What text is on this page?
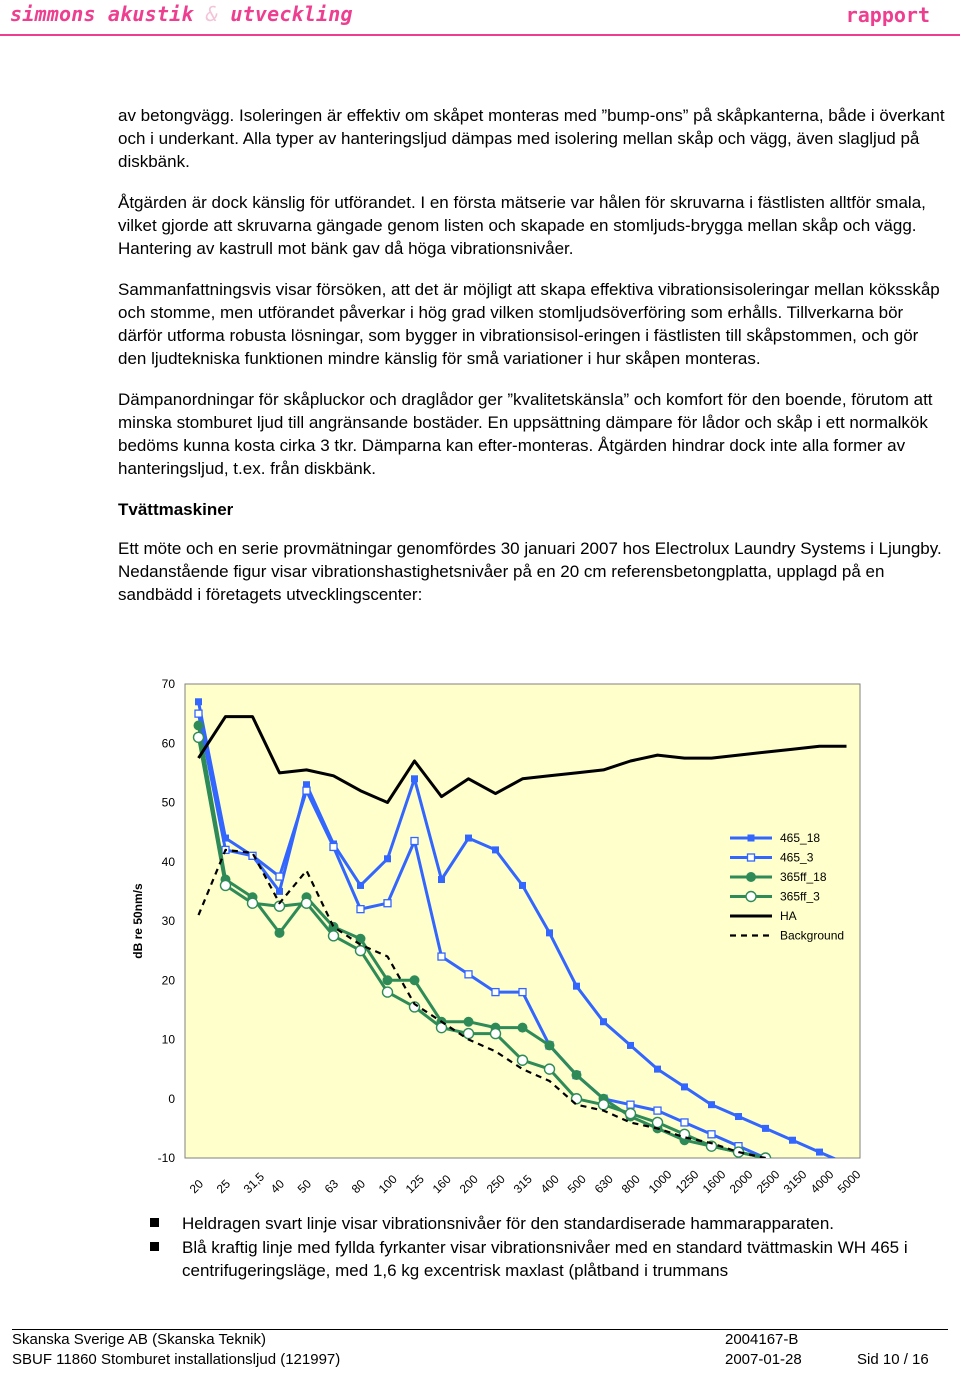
simmons akustik & utveckling	rapport

av betongvägg. Isoleringen är effektiv om skåpet monteras med ”bump-ons” på skåpkanterna, både i överkant och i underkant. Alla typer av hanteringsljud dämpas med isolering mellan skåp och vägg, även slagljud på diskbänk.

Åtgärden är dock känslig för utförandet. I en första mätserie var hålen för skruvarna i fästlisten alltför smala, vilket gjorde att skruvarna gängade genom listen och skapade en stomljuds-brygga mellan skåp och vägg. Hantering av kastrull mot bänk gav då höga vibrationsnivåer.

Sammanfattningsvis visar försöken, att det är möjligt att skapa effektiva vibrationsisoleringar mellan köksskåp och stomme, men utförandet påverkar i hög grad vilken stomljudsöverföring som erhålls. Tillverkarna bör därför utforma robusta lösningar, som bygger in vibrationsisol-eringen i fästlisten till skåpstommen, och gör den ljudtekniska funktionen mindre känslig för små variationer i hur skåpen monteras.

Dämpanordningar för skåpluckor och draglådor ger ”kvalitetskänsla” och komfort för den boende, förutom att minska stomburet ljud till angränsande bostäder. En uppsättning dämpare för lådor och skåp i ett normalkök bedöms kunna kosta cirka 3 tkr. Dämparna kan efter-monteras. Åtgärden hindrar dock inte alla former av hanteringsljud, t.ex. från diskbänk.

Tvättmaskiner

Ett möte och en serie provmätningar genomfördes 30 januari 2007 hos Electrolux Laundry Systems i Ljungby. Nedanstående figur visar vibrationshastighetsnivåer på en 20 cm referensbetongplatta, upplagd på en sandbädd i företagets utvecklingscenter:

70
60
50
40
30
20
10
0
-10
dB re 50nm/s
20 25 31,5 40 50 63 80 100 125 160 200 250 315 400 500 630 800 1000
1250
1600
2000
2500
3150
4000
5000
465_18
465_3
365ff_18
365ff_3
HA
Background
Heldragen svart linje visar vibrationsnivåer för den standardiserade hammarapparaten.
Blå kraftig linje med fyllda fyrkanter visar vibrationsnivåer med en standard tvättmaskin WH 465 i centrifugeringsläge, med 1,6 kg excentrisk maxlast (plåtband i trummans
Skanska Sverige AB (Skanska Teknik)	2004167-B
SBUF 11860 Stomburet installationsljud (121997)	2007-01-28	Sid 10 / 16
